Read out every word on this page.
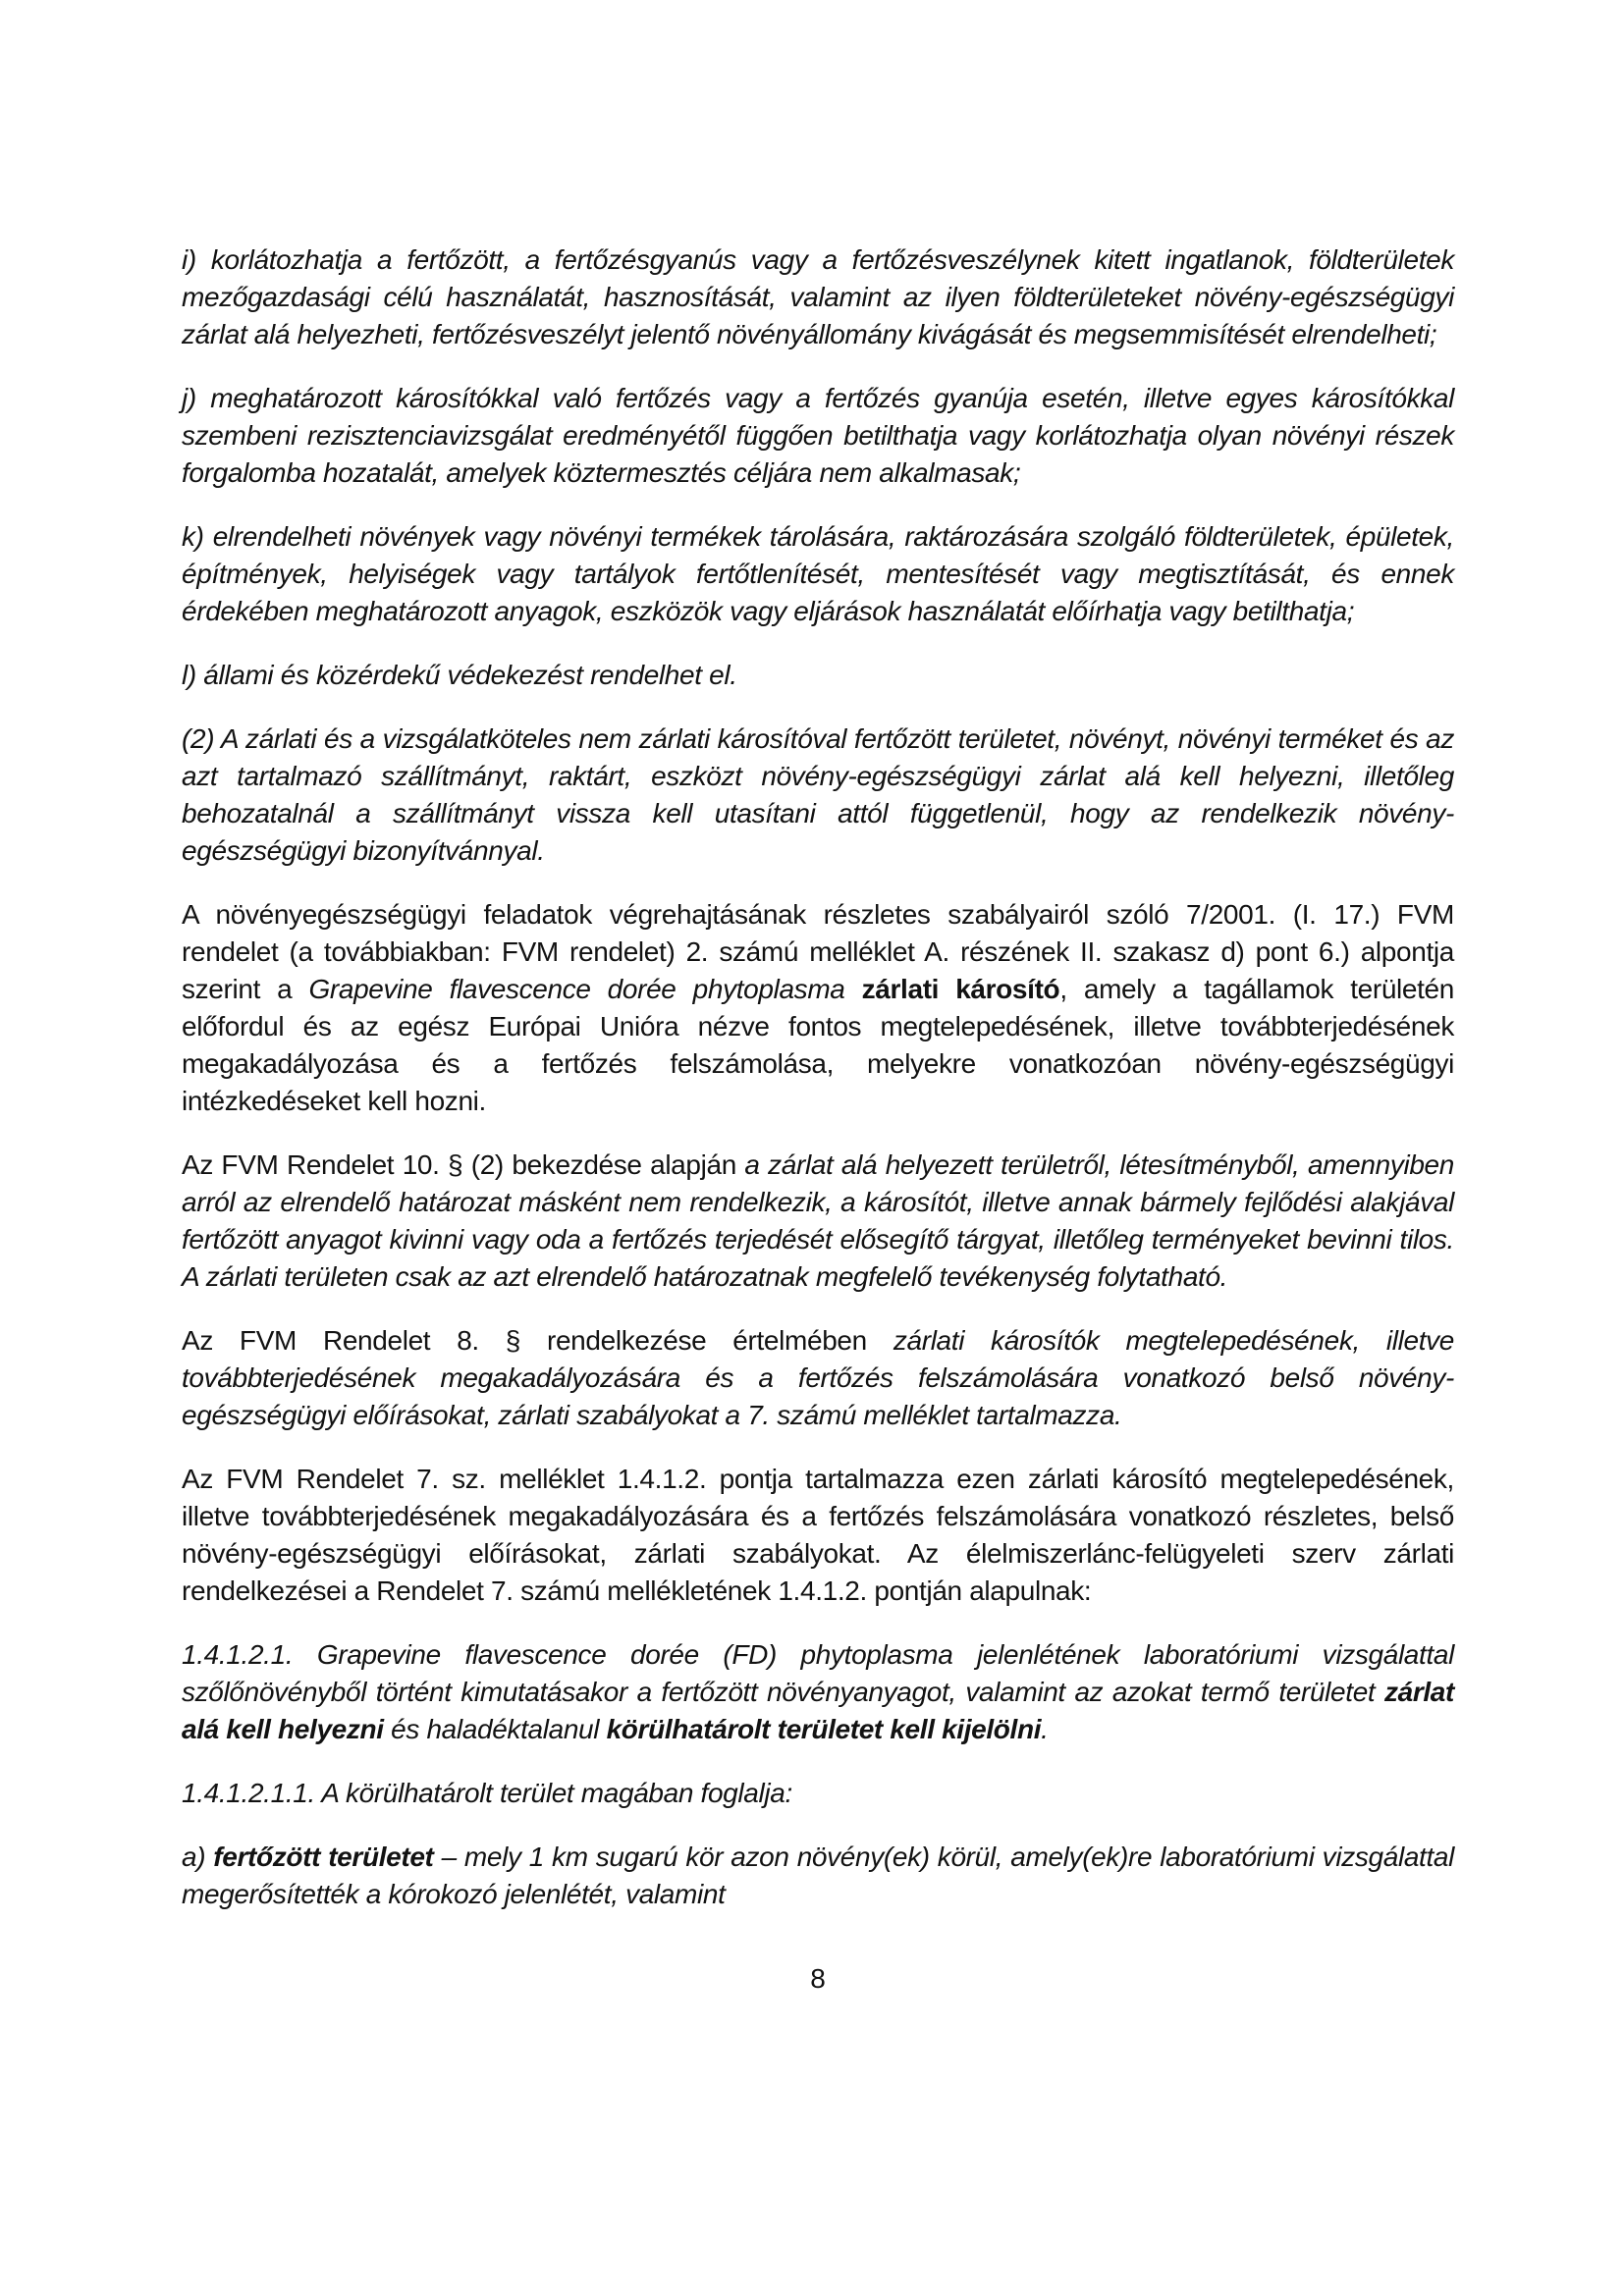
i) korlátozhatja a fertőzött, a fertőzésgyanús vagy a fertőzésveszélynek kitett ingatlanok, földterületek mezőgazdasági célú használatát, hasznosítását, valamint az ilyen földterületeket növény-egészségügyi zárlat alá helyezheti, fertőzésveszélyt jelentő növényállomány kivágását és megsemmisítését elrendelheti;

j) meghatározott károsítókkal való fertőzés vagy a fertőzés gyanúja esetén, illetve egyes károsítókkal szembeni rezisztenciavizsgálat eredményétől függően betilthatja vagy korlátozhatja olyan növényi részek forgalomba hozatalát, amelyek köztermesztés céljára nem alkalmasak;

k) elrendelheti növények vagy növényi termékek tárolására, raktározására szolgáló földterületek, épületek, építmények, helyiségek vagy tartályok fertőtlenítését, mentesítését vagy megtisztítását, és ennek érdekében meghatározott anyagok, eszközök vagy eljárások használatát előírhatja vagy betilthatja;

l) állami és közérdekű védekezést rendelhet el.

(2) A zárlati és a vizsgálatköteles nem zárlati károsítóval fertőzött területet, növényt, növényi terméket és az azt tartalmazó szállítmányt, raktárt, eszközt növény-egészségügyi zárlat alá kell helyezni, illetőleg behozatalnál a szállítmányt vissza kell utasítani attól függetlenül, hogy az rendelkezik növény-egészségügyi bizonyítvánnyal.

A növényegészségügyi feladatok végrehajtásának részletes szabályairól szóló 7/2001. (I. 17.) FVM rendelet (a továbbiakban: FVM rendelet) 2. számú melléklet A. részének II. szakasz d) pont 6.) alpontja szerint a Grapevine flavescence dorée phytoplasma zárlati károsító, amely a tagállamok területén előfordul és az egész Európai Unióra nézve fontos megtelepedésének, illetve továbbterjedésének megakadályozása és a fertőzés felszámolása, melyekre vonatkozóan növény-egészségügyi intézkedéseket kell hozni.

Az FVM Rendelet 10. § (2) bekezdése alapján a zárlat alá helyezett területről, létesítményből, amennyiben arról az elrendelő határozat másként nem rendelkezik, a károsítót, illetve annak bármely fejlődési alakjával fertőzött anyagot kivinni vagy oda a fertőzés terjedését elősegítő tárgyat, illetőleg terményeket bevinni tilos. A zárlati területen csak az azt elrendelő határozatnak megfelelő tevékenység folytatható.

Az FVM Rendelet 8. § rendelkezése értelmében zárlati károsítók megtelepedésének, illetve továbbterjedésének megakadályozására és a fertőzés felszámolására vonatkozó belső növény-egészségügyi előírásokat, zárlati szabályokat a 7. számú melléklet tartalmazza.

Az FVM Rendelet 7. sz. melléklet 1.4.1.2. pontja tartalmazza ezen zárlati károsító megtelepedésének, illetve továbbterjedésének megakadályozására és a fertőzés felszámolására vonatkozó részletes, belső növény-egészségügyi előírásokat, zárlati szabályokat. Az élelmiszerlánc-felügyeleti szerv zárlati rendelkezései a Rendelet 7. számú mellékletének 1.4.1.2. pontján alapulnak:

1.4.1.2.1. Grapevine flavescence dorée (FD) phytoplasma jelenlétének laboratóriumi vizsgálattal szőlőnövényből történt kimutatásakor a fertőzött növényanyagot, valamint az azokat termő területet zárlat alá kell helyezni és haladéktalanul körülhatárolt területet kell kijelölni.

1.4.1.2.1.1. A körülhatárolt terület magában foglalja:

a) fertőzött területet – mely 1 km sugarú kör azon növény(ek) körül, amely(ek)re laboratóriumi vizsgálattal megerősítették a kórokozó jelenlétét, valamint

8
